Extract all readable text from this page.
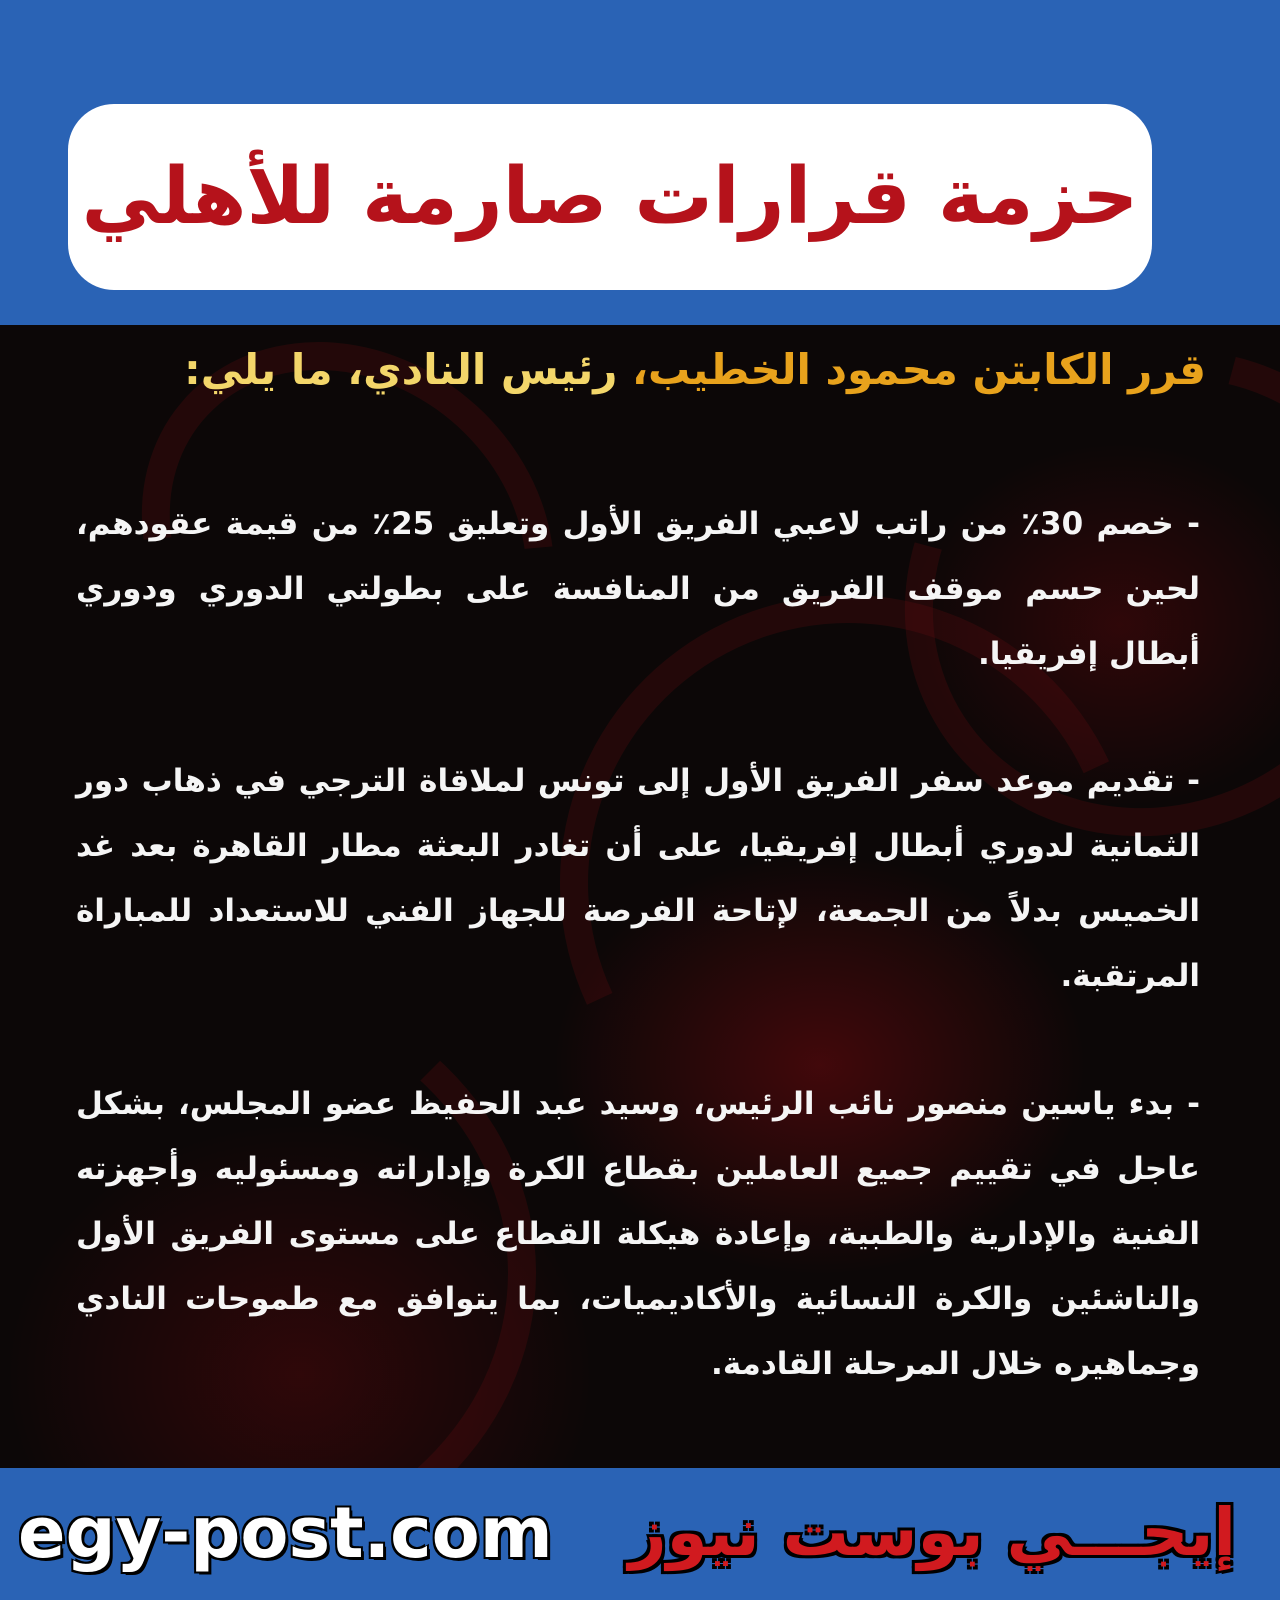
حزمة قرارات صارمة للأهلي
قرر الكابتن محمود الخطيب، رئيس النادي، ما يلي:

- خصم 30٪ من راتب لاعبي الفريق الأول وتعليق 25٪ من قيمة عقودهم، لحين حسم موقف الفريق من المنافسة على بطولتي الدوري ودوري أبطال إفريقيا.

- تقديم موعد سفر الفريق الأول إلى تونس لملاقاة الترجي في ذهاب دور الثمانية لدوري أبطال إفريقيا، على أن تغادر البعثة مطار القاهرة بعد غد الخميس بدلاً من الجمعة، لإتاحة الفرصة للجهاز الفني للاستعداد للمباراة المرتقبة.

- بدء ياسين منصور نائب الرئيس، وسيد عبد الحفيظ عضو المجلس، بشكل عاجل في تقييم جميع العاملين بقطاع الكرة وإداراته ومسئوليه وأجهزته الفنية والإدارية والطبية، وإعادة هيكلة القطاع على مستوى الفريق الأول والناشئين والكرة النسائية والأكاديميات، بما يتوافق مع طموحات النادي وجماهيره خلال المرحلة القادمة.

egy-post.com إيجـــي بوست نيوز
